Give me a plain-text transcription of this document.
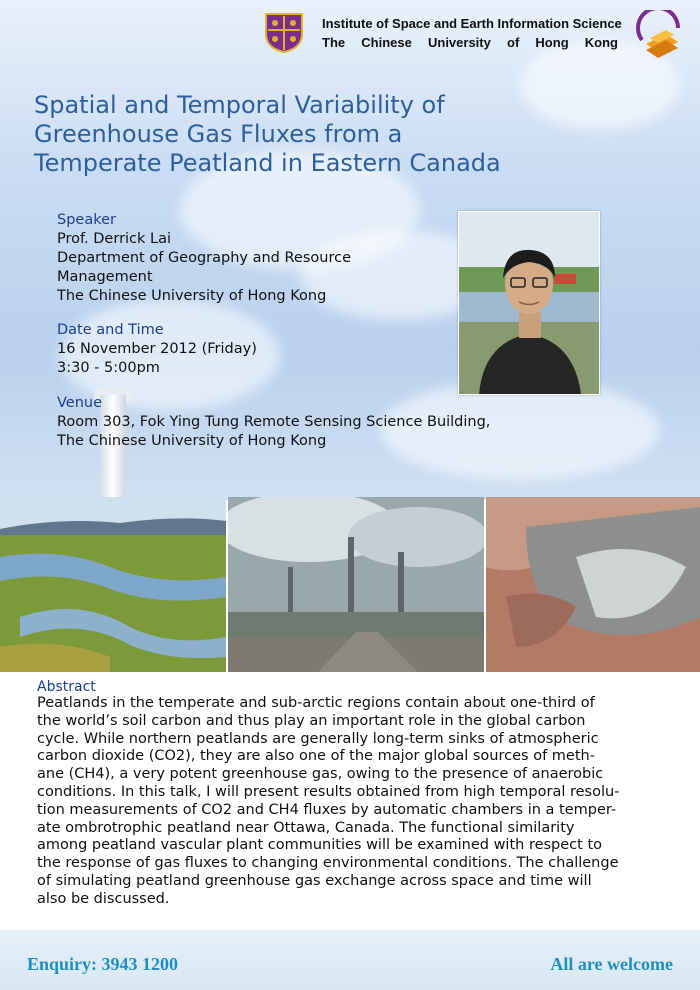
Institute of Space and Earth Information Science
The Chinese University of Hong Kong
Spatial and Temporal Variability of
Greenhouse Gas Fluxes from a
Temperate Peatland in Eastern Canada
Speaker
Prof. Derrick Lai
Department of Geography and Resource
Management
The Chinese University of Hong Kong
Date and Time
16 November 2012 (Friday)
3:30 - 5:00pm
Venue
Room 303, Fok Ying Tung Remote Sensing Science Building,
The Chinese University of Hong Kong
Abstract
Peatlands in the temperate and sub-arctic regions contain about one-third of
the world’s soil carbon and thus play an important role in the global carbon
cycle. While northern peatlands are generally long-term sinks of atmospheric
carbon dioxide (CO2), they are also one of the major global sources of meth-
ane (CH4), a very potent greenhouse gas, owing to the presence of anaerobic
conditions. In this talk, I will present results obtained from high temporal resolu-
tion measurements of CO2 and CH4 fluxes by automatic chambers in a temper-
ate ombrotrophic peatland near Ottawa, Canada. The functional similarity
among peatland vascular plant communities will be examined with respect to
the response of gas fluxes to changing environmental conditions. The challenge
of simulating peatland greenhouse gas exchange across space and time will
also be discussed.
Enquiry: 3943 1200	All are welcome
